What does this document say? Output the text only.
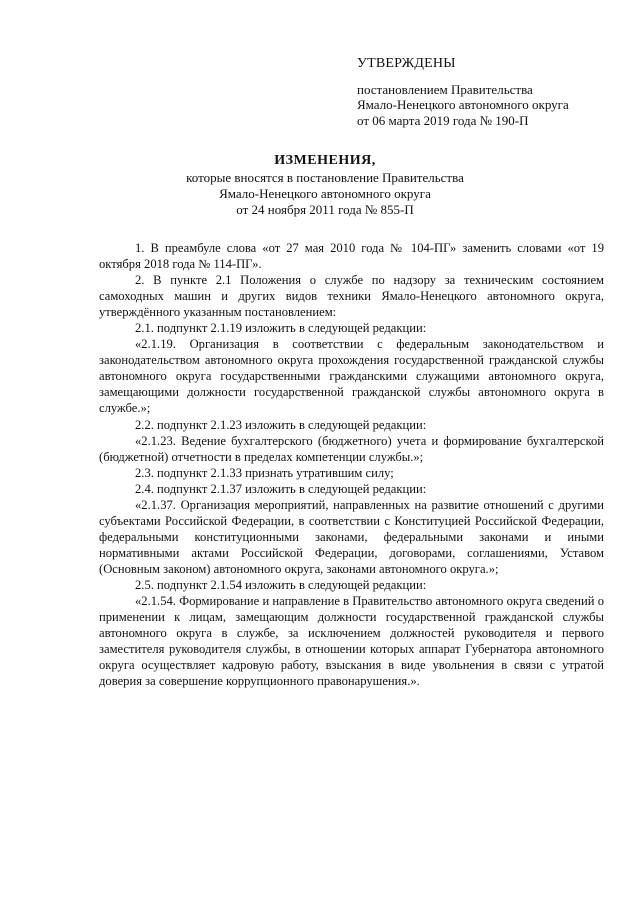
УТВЕРЖДЕНЫ
постановлением Правительства
Ямало-Ненецкого автономного округа
от 06 марта 2019 года № 190-П
ИЗМЕНЕНИЯ,
которые вносятся в постановление Правительства
Ямало-Ненецкого автономного округа
от 24 ноября 2011 года № 855-П

1. В преамбуле слова «от 27 мая 2010 года № 104-ПГ» заменить словами «от 19 октября 2018 года № 114-ПГ».

2. В пункте 2.1 Положения о службе по надзору за техническим состоянием самоходных машин и других видов техники Ямало-Ненецкого автономного округа, утверждённого указанным постановлением:

2.1. подпункт 2.1.19 изложить в следующей редакции:

«2.1.19. Организация в соответствии с федеральным законодательством и законодательством автономного округа прохождения государственной гражданской службы автономного округа государственными гражданскими служащими автономного округа, замещающими должности государственной гражданской службы автономного округа в службе.»;

2.2. подпункт 2.1.23 изложить в следующей редакции:

«2.1.23. Ведение бухгалтерского (бюджетного) учета и формирование бухгалтерской (бюджетной) отчетности в пределах компетенции службы.»;

2.3. подпункт 2.1.33 признать утратившим силу;

2.4. подпункт 2.1.37 изложить в следующей редакции:

«2.1.37. Организация мероприятий, направленных на развитие отношений с другими субъектами Российской Федерации, в соответствии с Конституцией Российской Федерации, федеральными конституционными законами, федеральными законами и иными нормативными актами Российской Федерации, договорами, соглашениями, Уставом (Основным законом) автономного округа, законами автономного округа.»;

2.5. подпункт 2.1.54 изложить в следующей редакции:

«2.1.54. Формирование и направление в Правительство автономного округа сведений о применении к лицам, замещающим должности государственной гражданской службы автономного округа в службе, за исключением должностей руководителя и первого заместителя руководителя службы, в отношении которых аппарат Губернатора автономного округа осуществляет кадровую работу, взыскания в виде увольнения в связи с утратой доверия за совершение коррупционного правонарушения.».
